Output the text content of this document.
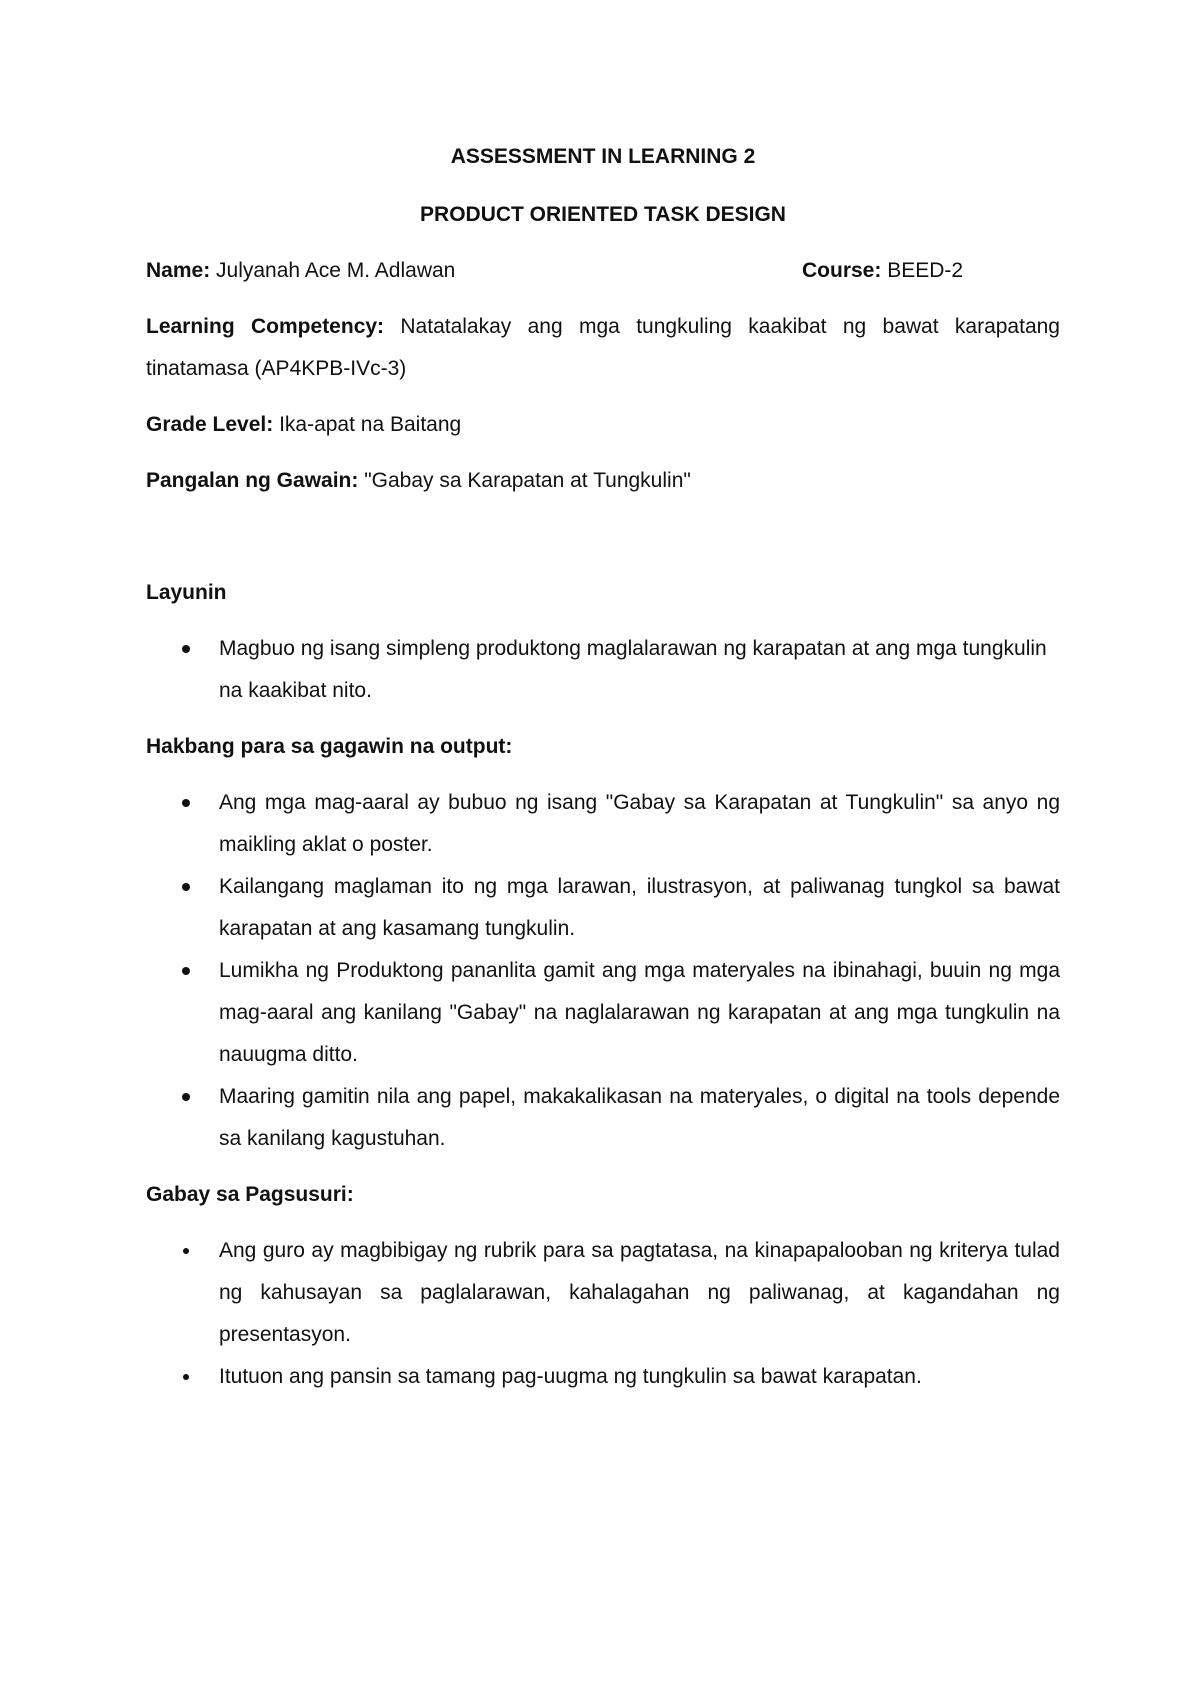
ASSESSMENT IN LEARNING 2

PRODUCT ORIENTED TASK DESIGN

Name: Julyanah Ace M. Adlawan	Course: BEED-2

Learning Competency: Natatalakay ang mga tungkuling kaakibat ng bawat karapatang tinatamasa (AP4KPB-IVc-3)

Grade Level: Ika-apat na Baitang

Pangalan ng Gawain: "Gabay sa Karapatan at Tungkulin"

Layunin

Magbuo ng isang simpleng produktong maglalarawan ng karapatan at ang mga tungkulin na kaakibat nito.

Hakbang para sa gagawin na output:

Ang mga mag-aaral ay bubuo ng isang "Gabay sa Karapatan at Tungkulin" sa anyo ng maikling aklat o poster.
Kailangang maglaman ito ng mga larawan, ilustrasyon, at paliwanag tungkol sa bawat karapatan at ang kasamang tungkulin.
Lumikha ng Produktong pananlita gamit ang mga materyales na ibinahagi, buuin ng mga mag-aaral ang kanilang "Gabay" na naglalarawan ng karapatan at ang mga tungkulin na nauugma ditto.
Maaring gamitin nila ang papel, makakalikasan na materyales, o digital na tools depende sa kanilang kagustuhan.

Gabay sa Pagsusuri:

Ang guro ay magbibigay ng rubrik para sa pagtatasa, na kinapapalooban ng kriterya tulad ng kahusayan sa paglalarawan, kahalagahan ng paliwanag, at kagandahan ng presentasyon.
Itutuon ang pansin sa tamang pag-uugma ng tungkulin sa bawat karapatan.
